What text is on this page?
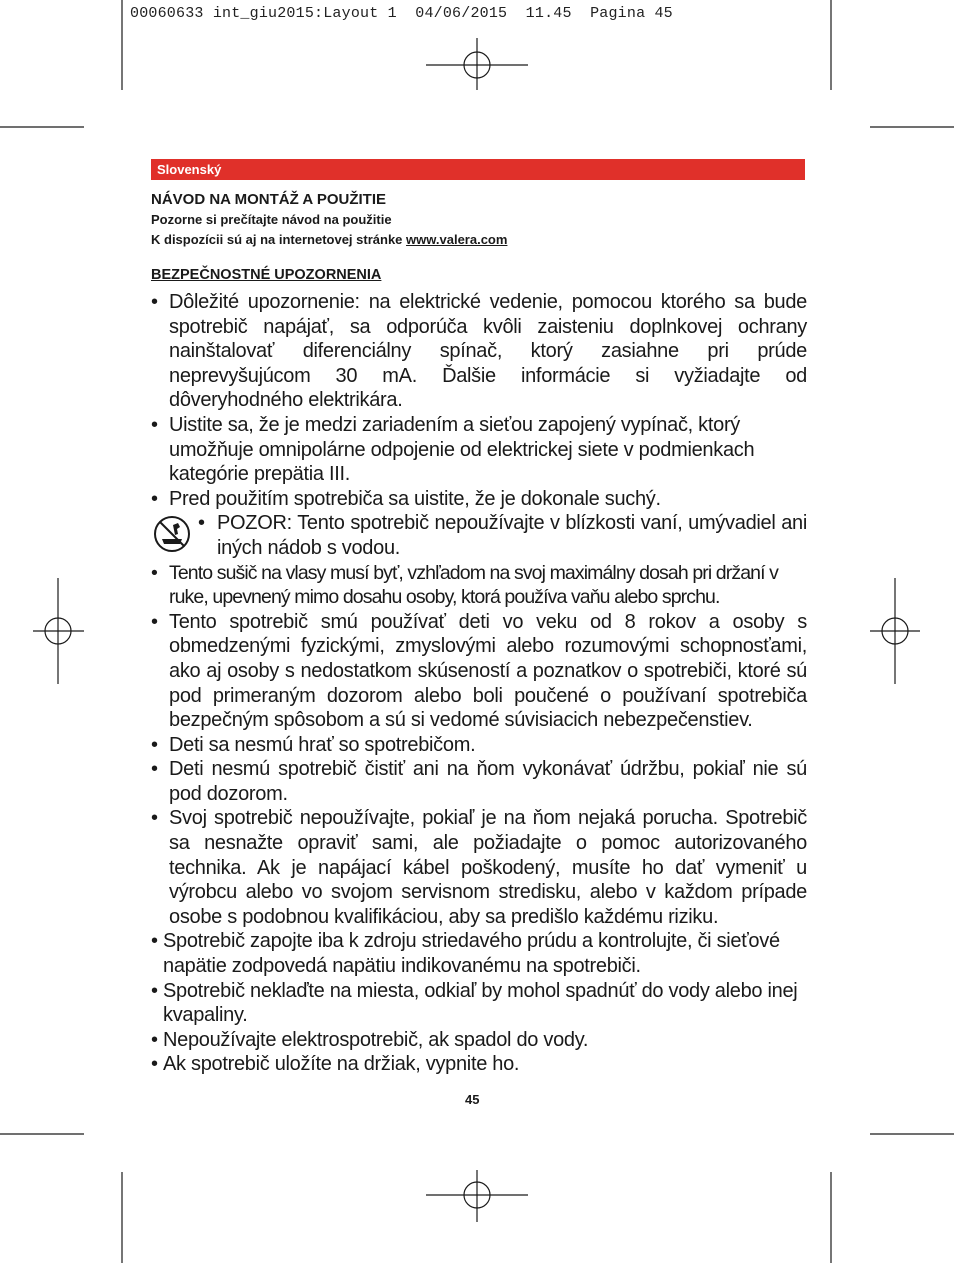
00060633 int_giu2015:Layout 1  04/06/2015  11.45  Pagina 45
Slovenský
NÁVOD NA MONTÁŽ A POUŽITIE
Pozorne si prečítajte návod na použitie
K dispozícii sú aj na internetovej stránke www.valera.com
BEZPEČNOSTNÉ UPOZORNENIA
• Dôležité upozornenie: na elektrické vedenie, pomocou ktorého sa bude spotrebič napájať, sa odporúča kvôli zaisteniu doplnkovej ochrany nainštalovať diferenciálny spínač, ktorý zasiahne pri prúde neprevyšujúcom 30 mA. Ďalšie informácie si vyžiadajte od dôveryhodného elektrikára.
• Uistite sa, že je medzi zariadením a sieťou zapojený vypínač, ktorý umožňuje omnipolárne odpojenie od elektrickej siete v podmienkach kategórie prepätia III.
• Pred použitím spotrebiča sa uistite, že je dokonale suchý.
• POZOR: Tento spotrebič nepoužívajte v blízkosti vaní, umývadiel ani iných nádob s vodou.
• Tento sušič na vlasy musí byť, vzhľadom na svoj maximálny dosah pri držaní v ruke, upevnený mimo dosahu osoby, ktorá používa vaňu alebo sprchu.
• Tento spotrebič smú používať deti vo veku od 8 rokov a osoby s obmedzenými fyzickými, zmyslovými alebo rozumovými schopnosťami, ako aj osoby s nedostatkom skúseností a poznatkov o spotrebiči, ktoré sú pod primeraným dozorom alebo boli poučené o používaní spotrebiča bezpečným spôsobom a sú si vedomé súvisiacich nebezpečenstiev.
• Deti sa nesmú hrať so spotrebičom.
• Deti nesmú spotrebič čistiť ani na ňom vykonávať údržbu, pokiaľ nie sú pod dozorom.
• Svoj spotrebič nepoužívajte, pokiaľ je na ňom nejaká porucha. Spotrebič sa nesnažte opraviť sami, ale požiadajte o pomoc autorizovaného technika. Ak je napájací kábel poškodený, musíte ho dať vymeniť u výrobcu alebo vo svojom servisnom stredisku, alebo v každom prípade osobe s podobnou kvalifikáciou, aby sa predišlo každému riziku.
• Spotrebič zapojte iba k zdroju striedavého prúdu a kontrolujte, či sieťové napätie zodpovedá napätiu indikovanému na spotrebiči.
• Spotrebič neklaďte na miesta, odkiaľ by mohol spadnúť do vody alebo inej kvapaliny.
• Nepoužívajte elektrospotrebič, ak spadol do vody.
• Ak spotrebič uložíte na držiak, vypnite ho.
45
